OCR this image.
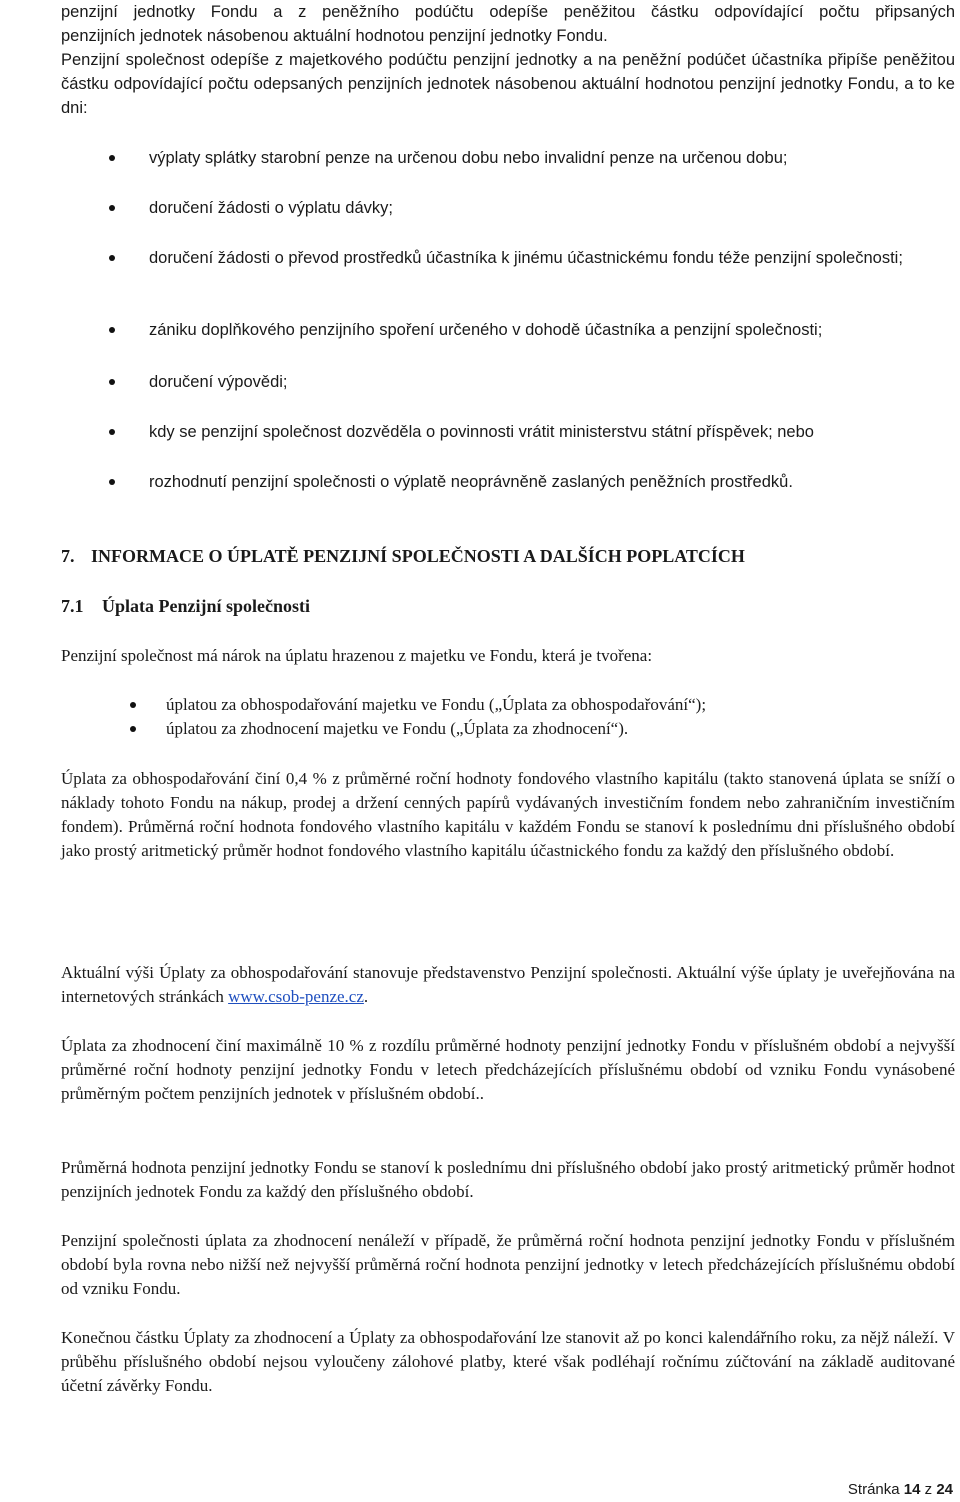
penzijní jednotky Fondu a z peněžního podúčtu odepíše peněžitou částku odpovídající počtu připsaných

penzijních jednotek násobenou aktuální hodnotou penzijní jednotky Fondu.

Penzijní společnost odepíše z majetkového podúčtu penzijní jednotky a na peněžní podúčet účastníka připíše peněžitou částku odpovídající počtu odepsaných penzijních jednotek násobenou aktuální hodnotou penzijní jednotky Fondu, a to ke dni:

výplaty splátky starobní penze na určenou dobu nebo invalidní penze na určenou dobu;

doručení žádosti o výplatu dávky;

doručení žádosti o převod prostředků účastníka k jinému účastnickému fondu téže penzijní společnosti;

zániku doplňkového penzijního spoření určeného v dohodě účastníka a penzijní společnosti;

doručení výpovědi;

kdy se penzijní společnost dozvěděla o povinnosti vrátit ministerstvu státní příspěvek; nebo

rozhodnutí penzijní společnosti o výplatě neoprávněně zaslaných peněžních prostředků.

7. INFORMACE O ÚPLATĚ PENZIJNÍ SPOLEČNOSTI A DALŠÍCH POPLATCÍCH
7.1 Úplata Penzijní společnosti

Penzijní společnost má nárok na úplatu hrazenou z majetku ve Fondu, která je tvořena:

úplatou za obhospodařování majetku ve Fondu („Úplata za obhospodařování“);

úplatou za zhodnocení majetku ve Fondu („Úplata za zhodnocení“).

Úplata za obhospodařování činí 0,4 % z průměrné roční hodnoty fondového vlastního kapitálu (takto stanovená úplata se sníží o náklady tohoto Fondu na nákup, prodej a držení cenných papírů vydávaných investičním fondem nebo zahraničním investičním fondem). Průměrná roční hodnota fondového vlastního kapitálu v každém Fondu se stanoví k poslednímu dni příslušného období jako prostý aritmetický průměr hodnot fondového vlastního kapitálu účastnického fondu za každý den příslušného období.

Aktuální výši Úplaty za obhospodařování stanovuje představenstvo Penzijní společnosti. Aktuální výše úplaty je uveřejňována na internetových stránkách www.csob-penze.cz.

Úplata za zhodnocení činí maximálně 10 % z rozdílu průměrné hodnoty penzijní jednotky Fondu v příslušném období a nejvyšší průměrné roční hodnoty penzijní jednotky Fondu v letech předcházejících příslušnému období od vzniku Fondu vynásobené průměrným počtem penzijních jednotek v příslušném období..

Průměrná hodnota penzijní jednotky Fondu se stanoví k poslednímu dni příslušného období jako prostý aritmetický průměr hodnot penzijních jednotek Fondu za každý den příslušného období.

Penzijní společnosti úplata za zhodnocení nenáleží v případě, že průměrná roční hodnota penzijní jednotky Fondu v příslušném období byla rovna nebo nižší než nejvyšší průměrná roční hodnota penzijní jednotky v letech předcházejících příslušnému období od vzniku Fondu.

Konečnou částku Úplaty za zhodnocení a Úplaty za obhospodařování lze stanovit až po konci kalendářního roku, za nějž náleží. V průběhu příslušného období nejsou vyloučeny zálohové platby, které však podléhají ročnímu zúčtování na základě auditované účetní závěrky Fondu.

Stránka 14 z 24
